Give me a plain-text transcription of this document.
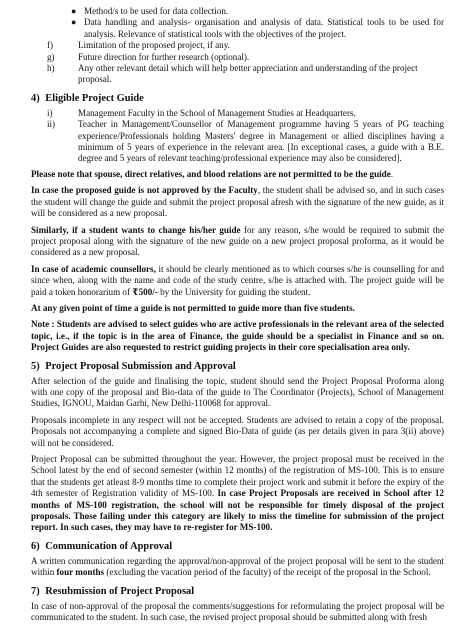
● Method/s to be used for data collection.
● Data handling and analysis- organisation and analysis of data. Statistical tools to be used for analysis. Relevance of statistical tools with the objectives of the project.
f)	Limitation of the proposed project, if any.
g)	Future direction for further research (optional).
h)	Any other relevant detail which will help better appreciation and understanding of the project proposal.
4) Eligible Project Guide
i)	Management Faculty in the School of Management Studies at Headquarters.
ii)	Teacher in Management/Counsellor of Management programme having 5 years of PG teaching experience/Professionals holding Masters' degree in Management or allied disciplines having a minimum of 5 years of experience in the relevant area. [In exceptional cases, a guide with a B.E. degree and 5 years of relevant teaching/professional experience may also be considered].

Please note that spouse, direct relatives, and blood relations are not permitted to be the guide.

In case the proposed guide is not approved by the Faculty, the student shall be advised so, and in such cases the student will change the guide and submit the project proposal afresh with the signature of the new guide, as it will be considered as a new proposal.

Similarly, if a student wants to change his/her guide for any reason, s/he would be required to submit the project proposal along with the signature of the new guide on a new project proposal proforma, as it would be considered as a new proposal.

In case of academic counsellors, it should be clearly mentioned as to which courses s/he is counselling for and since when, along with the name and code of the study centre, s/he is attached with. The project guide will be paid a token honorarium of ₹500/- by the University for guiding the student.

At any given point of time a guide is not permitted to guide more than five students.

Note : Students are advised to select guides who are active professionals in the relevant area of the selected topic, i.e., if the topic is in the area of Finance, the guide should be a specialist in Finance and so on. Project Guides are also requested to restrict guiding projects in their core specialisation area only.

5) Project Proposal Submission and Approval

After selection of the guide and finalising the topic, student should send the Project Proposal Proforma along with one copy of the proposal and Bio-data of the guide to The Coordinator (Projects), School of Management Studies, IGNOU, Maidan Garhi, New Delhi-110068 for approval.

Proposals incomplete in any respect will not be accepted. Students are advised to retain a copy of the proposal. Proposals not accompanying a complete and signed Bio-Data of guide (as per details given in para 3(ii) above) will not be considered.

Project Proposal can be submitted throughout the year. However, the project proposal must be received in the School latest by the end of second semester (within 12 months) of the registration of MS-100. This is to ensure that the students get atleast 8-9 months time to complete their project work and submit it before the expiry of the 4th semester of Registration validity of MS-100. In case Project Proposals are received in School after 12 months of MS-100 registration, the school will not be responsible for timely disposal of the project proposals. Those failing under this category are likely to miss the timeline for submission of the project report. In such cases, they may have to re-register for MS-100.

6) Communication of Approval

A written communication regarding the approval/non-approval of the project proposal will be sent to the student within four months (excluding the vacation period of the faculty) of the receipt of the proposal in the School.

7) Resubmission of Project Proposal

In case of non-approval of the proposal the comments/suggestions for reformulating the project proposal will be communicated to the student. In such case, the revised project proposal should be submitted along with fresh
